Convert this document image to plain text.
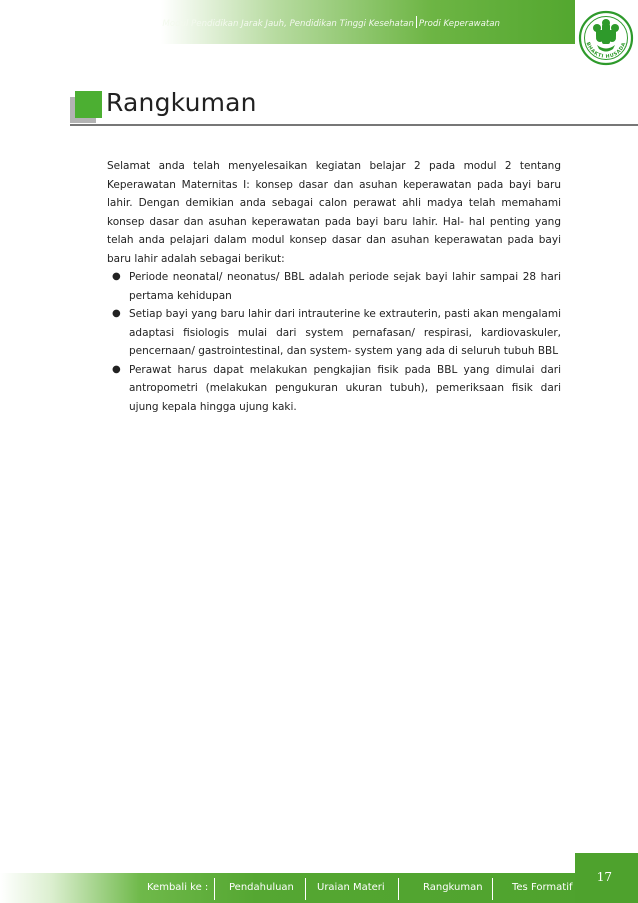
Modul Pendidikan Jarak Jauh, Pendidikan Tinggi Kesehatan Prodi Keperawatan
BHAKTI HUSADA
Rangkuman

Selamat anda telah menyelesaikan kegiatan belajar 2 pada modul 2 tentang Keperawatan Maternitas I: konsep dasar dan asuhan keperawatan pada bayi baru lahir. Dengan demikian anda sebagai calon perawat ahli madya telah memahami konsep dasar dan asuhan keperawatan pada bayi baru lahir. Hal- hal penting yang telah anda pelajari dalam modul konsep dasar dan asuhan keperawatan pada bayi baru lahir adalah sebagai berikut:

● Periode neonatal/ neonatus/ BBL adalah periode sejak bayi lahir sampai 28 hari pertama kehidupan
● Setiap bayi yang baru lahir dari intrauterine ke extrauterin, pasti akan mengalami adaptasi fisiologis mulai dari system pernafasan/ respirasi, kardiovaskuler, pencernaan/ gastrointestinal, dan system- system yang ada di seluruh tubuh BBL
● Perawat harus dapat melakukan pengkajian fisik pada BBL yang dimulai dari antropometri (melakukan pengukuran ukuran tubuh), pemeriksaan fisik dari ujung kepala hingga ujung kaki.
Kembali ke : Pendahuluan Uraian Materi	Rangkuman	Tes Formatif
17
